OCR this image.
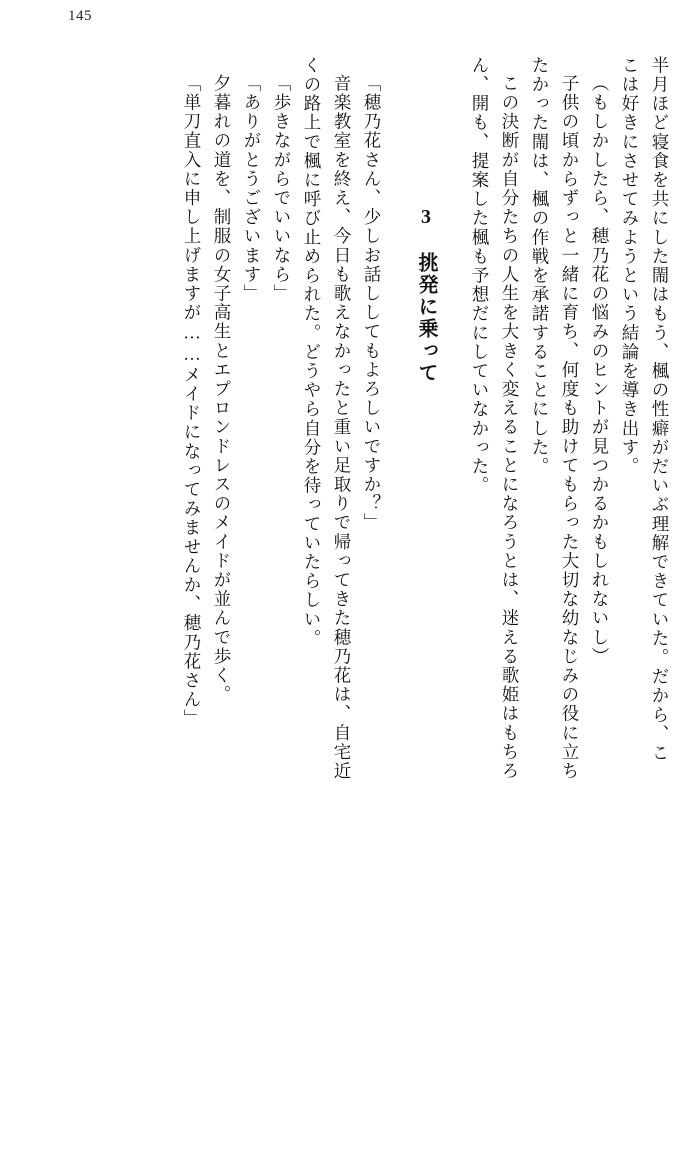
145
半月ほど寝食を共にした閙はもう、楓の性癖がだいぶ理解できていた。だから、こ
こは好きにさせてみようという結論を導き出す。
（もしかしたら、穂乃花の悩みのヒントが見つかるかもしれないし）
子供の頃からずっと一緒に育ち、何度も助けてもらった大切な幼なじみの役に立ち
たかった閙は、楓の作戦を承諾することにした。
この決断が自分たちの人生を大きく変えることになろうとは、迷える歌姫はもちろ
ん、開も、提案した楓も予想だにしていなかった。
3　挑発に乗って
「穂乃花さん、少しお話ししてもよろしいですか？」
音楽教室を終え、今日も歌えなかったと重い足取りで帰ってきた穂乃花は、自宅近
くの路上で楓に呼び止められた。どうやら自分を待っていたらしい。
「歩きながらでいいなら」
「ありがとうございます」
夕暮れの道を、制服の女子高生とエプロンドレスのメイドが並んで歩く。
「単刀直入に申し上げますが……メイドになってみませんか、穂乃花さん」
